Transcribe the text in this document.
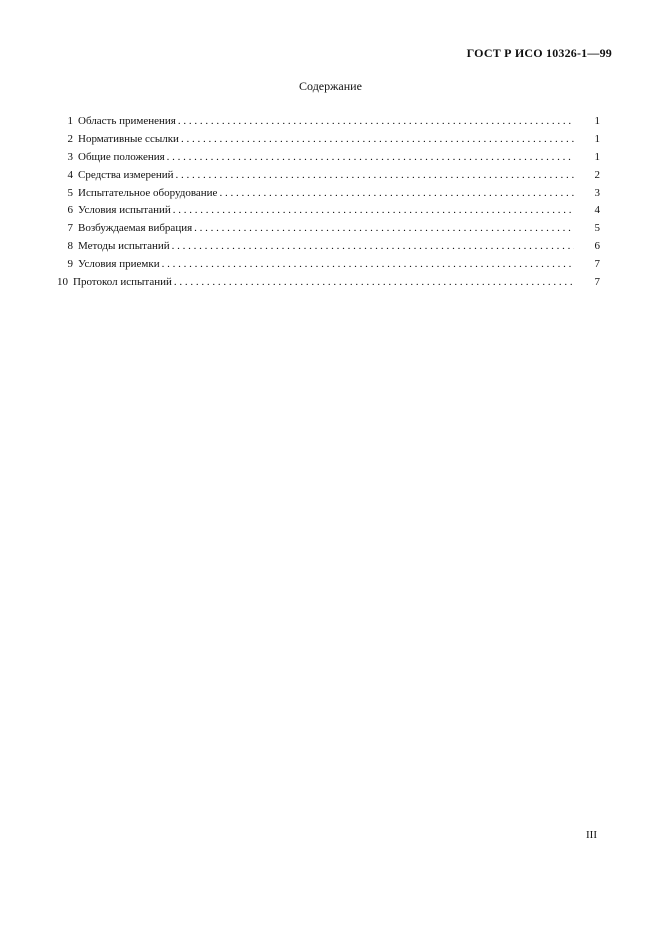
ГОСТ Р ИСО 10326-1—99
Содержание
1 Область применения . . .	1
2 Нормативные ссылки . . .	1
3 Общие положения . . .	1
4 Средства измерений . . .	2
5 Испытательное оборудование . . .	3
6 Условия испытаний . . .	4
7 Возбуждаемая вибрация . . .	5
8 Методы испытаний . . .	6
9 Условия приемки . . .	7
10 Протокол испытаний . . .	7
III
